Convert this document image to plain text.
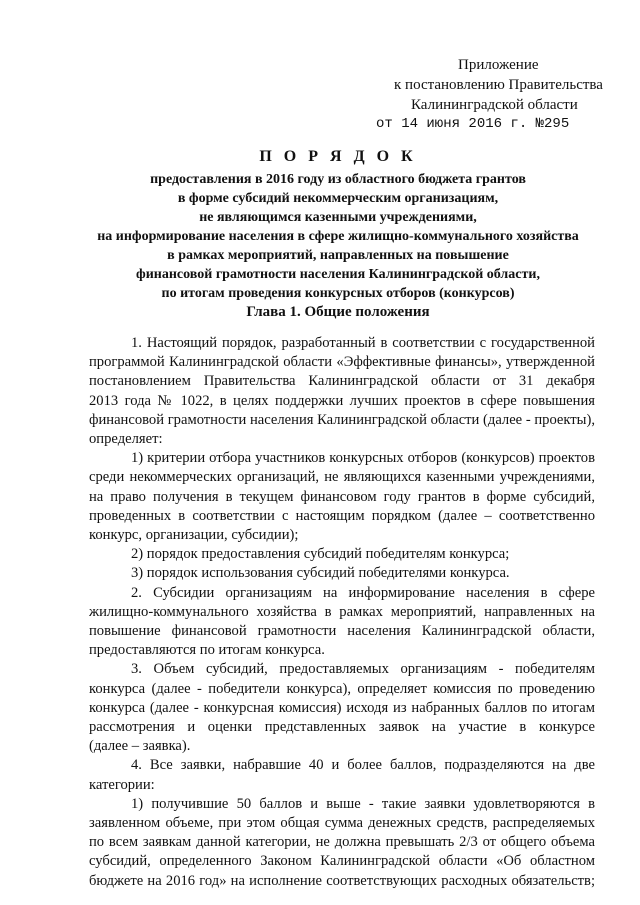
Приложение
к постановлению Правительства
Калининградской области
от 14 июня 2016 г. №295
П О Р Я Д О К
предоставления в 2016 году из областного бюджета грантов
в форме субсидий некоммерческим организациям,
не являющимся казенными учреждениями,
на информирование населения в сфере жилищно-коммунального хозяйства
в рамках мероприятий, направленных на повышение
финансовой грамотности населения Калининградской области,
по итогам проведения конкурсных отборов (конкурсов)
Глава 1. Общие положения

1. Настоящий порядок, разработанный в соответствии с государственной

программой Калининградской области «Эффективные финансы», утвержденной

постановлением Правительства Калининградской области от 31 декабря

2013 года № 1022, в целях поддержки лучших проектов в сфере повышения

финансовой грамотности населения Калининградской области (далее - проекты),

определяет:

1) критерии отбора участников конкурсных отборов (конкурсов) проектов

среди некоммерческих организаций, не являющихся казенными учреждениями,

на право получения в текущем финансовом году грантов в форме субсидий,

проведенных в соответствии с настоящим порядком (далее – соответственно

конкурс, организации, субсидии);

2) порядок предоставления субсидий победителям конкурса;

3) порядок использования субсидий победителями конкурса.

2. Субсидии организациям на информирование населения в сфере

жилищно-коммунального хозяйства в рамках мероприятий, направленных на

повышение финансовой грамотности населения Калининградской области,

предоставляются по итогам конкурса.

3. Объем субсидий, предоставляемых организациям - победителям

конкурса (далее - победители конкурса), определяет комиссия по проведению

конкурса (далее - конкурсная комиссия) исходя из набранных баллов по итогам

рассмотрения и оценки представленных заявок на участие в конкурсе

(далее – заявка).

4. Все заявки, набравшие 40 и более баллов, подразделяются на две

категории:

1) получившие 50 баллов и выше - такие заявки удовлетворяются в

заявленном объеме, при этом общая сумма денежных средств, распределяемых

по всем заявкам данной категории, не должна превышать 2/3 от общего объема

субсидий, определенного Законом Калининградской области «Об областном

бюджете на 2016 год» на исполнение соответствующих расходных обязательств;
